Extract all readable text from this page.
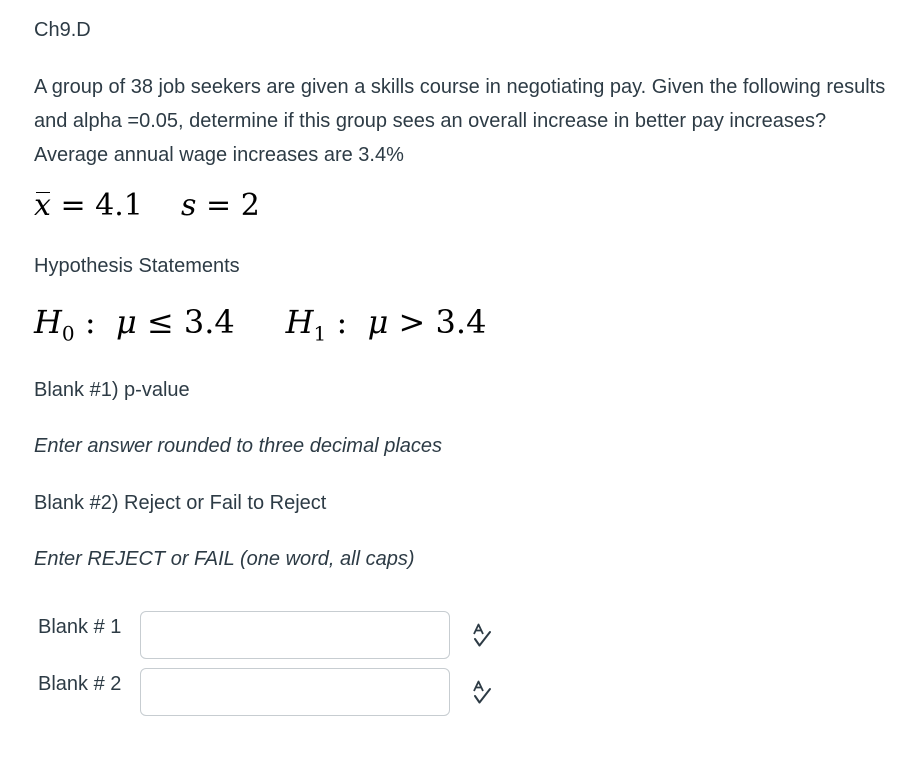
Ch9.D
A group of 38 job seekers are given a skills course in negotiating pay. Given the following results and alpha =0.05, determine if this group sees an overall increase in better pay increases? Average annual wage increases are 3.4%
x = 4.1 s = 2
Hypothesis Statements
$H_0$ :  μ ≤ 3.4 $H_1$ :  μ > 3.4
Blank #1) p-value
Enter answer rounded to three decimal places
Blank #2) Reject or Fail to Reject
Enter REJECT or FAIL (one word, all caps)
Blank # 1
Blank # 2
